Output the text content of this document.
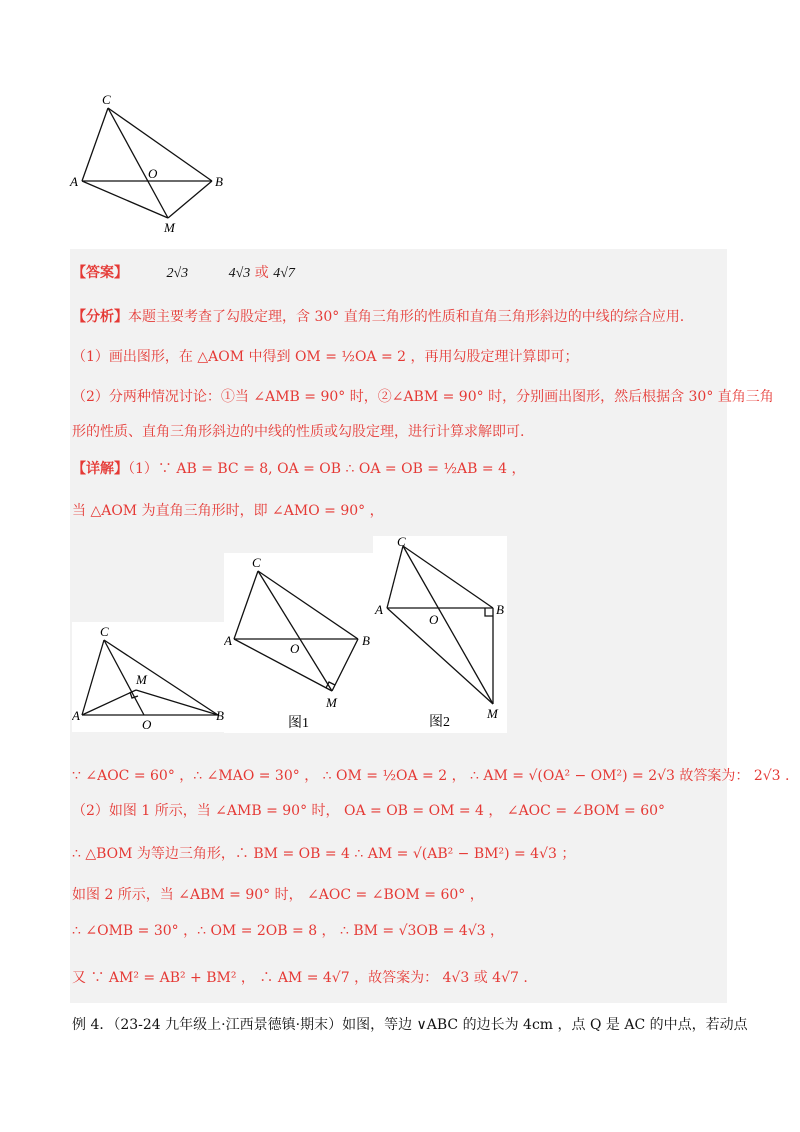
C
A
O
B
M
【答案】	2√3	4√3 或 4√7
【分析】本题主要考查了勾股定理，含 30° 直角三角形的性质和直角三角形斜边的中线的综合应用.
（1）画出图形，在 △AOM 中得到 OM = ½OA = 2 ，再用勾股定理计算即可；
（2）分两种情况讨论：①当 ∠AMB = 90° 时，②∠ABM = 90° 时，分别画出图形，然后根据含 30° 直角三角
形的性质、直角三角形斜边的中线的性质或勾股定理，进行计算求解即可.
【详解】（1）∵ AB = BC = 8, OA = OB ∴ OA = OB = ½AB = 4 ，
当 △AOM 为直角三角形时，即 ∠AMO = 90° ，
C
M
A
O
B
C
A
O
B
M
图1
C
A
O
B
M
图2
∵ ∠AOC = 60° ，∴ ∠MAO = 30° ， ∴ OM = ½OA = 2 ， ∴ AM = √(OA² − OM²) = 2√3 故答案为： 2√3 .
（2）如图 1 所示，当 ∠AMB = 90° 时， OA = OB = OM = 4 ， ∠AOC = ∠BOM = 60°
∴ △BOM 为等边三角形，∴ BM = OB = 4 ∴ AM = √(AB² − BM²) = 4√3 ；
如图 2 所示，当 ∠ABM = 90° 时， ∠AOC = ∠BOM = 60° ，
∴ ∠OMB = 30° ，∴ OM = 2OB = 8 ， ∴ BM = √3OB = 4√3 ，
又 ∵ AM² = AB² + BM² ， ∴ AM = 4√7 ，故答案为： 4√3 或 4√7 .
例 4．（23-24 九年级上·江西景德镇·期末）如图，等边 ∨ABC 的边长为 4cm ，点 Q 是 AC 的中点，若动点
